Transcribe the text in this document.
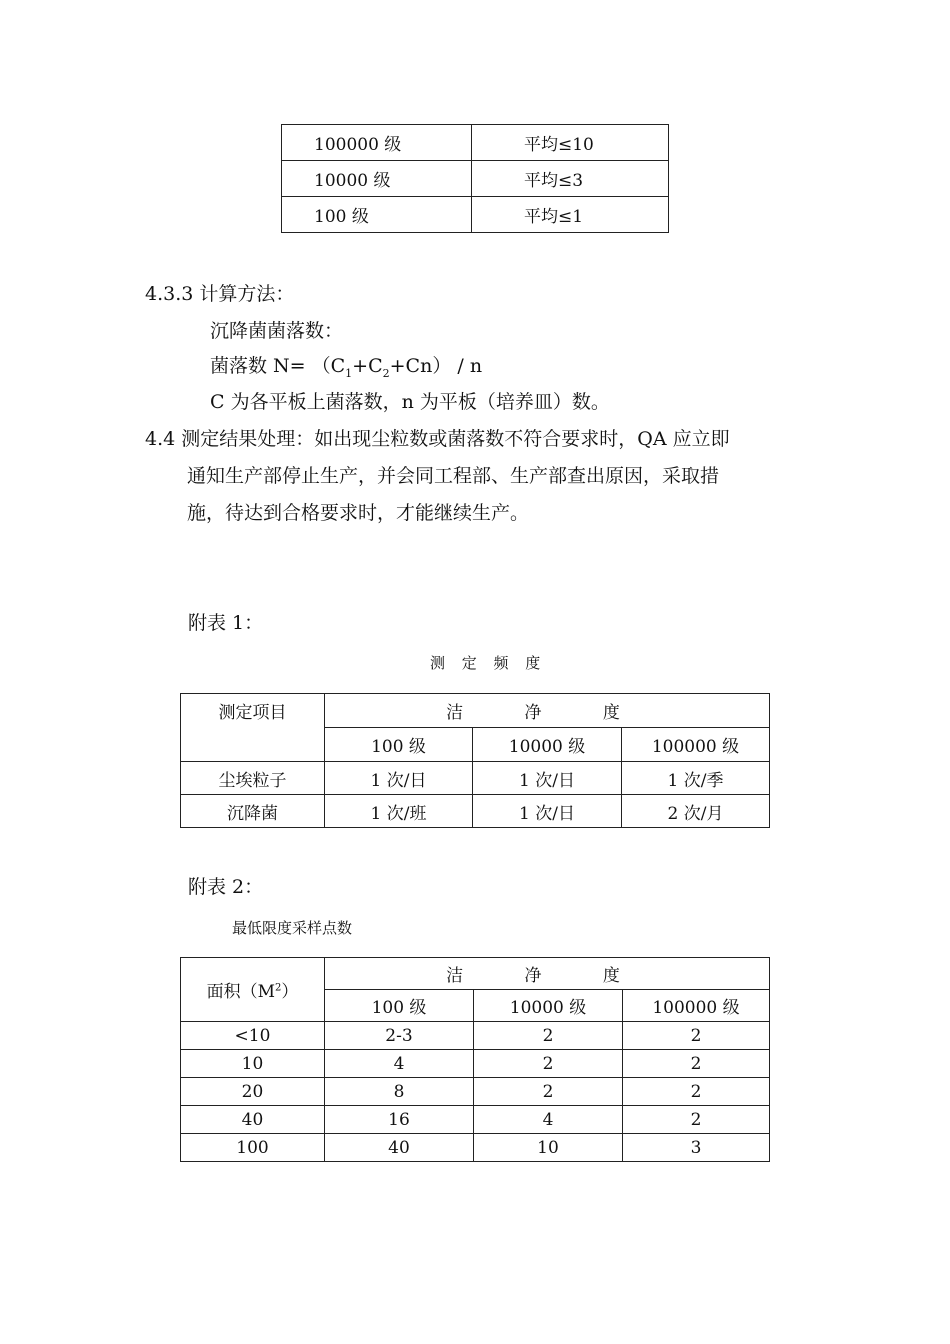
100000 级	平均≤10
10000 级	平均≤3
100 级	平均≤1
4.3.3 计算方法：
沉降菌菌落数：
菌落数 $N= (C_1+C_2+Cn) / n$
C 为各平板上菌落数，n 为平板（培养皿）数。
4.4 测定结果处理：如出现尘粒数或菌落数不符合要求时，QA 应立即
通知生产部停止生产，并会同工程部、生产部查出原因，采取措
施，待达到合格要求时，才能继续生产。
附表 1：
测 定 频 度
测定项目	洁 净 度		
	100 级	10000 级	100000 级
尘埃粒子	1 次/日	1 次/日	1 次/季
沉降菌	1 次/班	1 次/日	2 次/月
附表 2：
最低限度采样点数
面积$(M^2)$	洁 净 度		
	100 级	10000 级	100000 级
<10	2-3	2	2
10	4	2	2
20	8	2	2
40	16	4	2
100	40	10	3
